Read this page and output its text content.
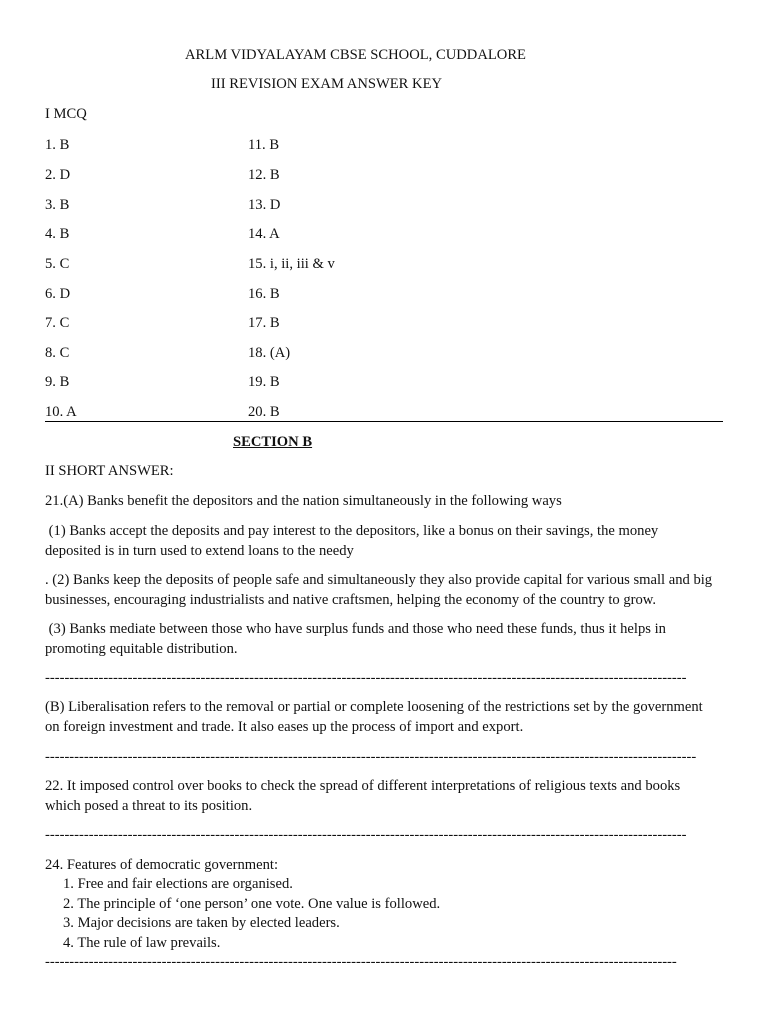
ARLM VIDYALAYAM CBSE SCHOOL, CUDDALORE
III REVISION EXAM ANSWER KEY
I MCQ
1. B
2. D
3. B
4. B
5. C
6. D
7. C
8. C
9. B
10. A
11. B
12. B
13. D
14. A
15. i, ii, iii & v
16. B
17. B
18. (A)
19. B
20. B
SECTION B
II SHORT ANSWER:
21.(A) Banks benefit the depositors and the nation simultaneously in the following ways
(1) Banks accept the deposits and pay interest to the depositors, like a bonus on their savings, the money deposited is in turn used to extend loans to the needy
. (2) Banks keep the deposits of people safe and simultaneously they also provide capital for various small and big businesses, encouraging industrialists and native craftsmen, helping the economy of the country to grow.
(3) Banks mediate between those who have surplus funds and those who need these funds, thus it helps in promoting equitable distribution.
------------------------------------------------------------------------------------------------------------------------------------
(B) Liberalisation refers to the removal or partial or complete loosening of the restrictions set by the government on foreign investment and trade. It also eases up the process of import and export.
--------------------------------------------------------------------------------------------------------------------------------------
22. It imposed control over books to check the spread of different interpretations of religious texts and books which posed a threat to its position.
------------------------------------------------------------------------------------------------------------------------------------
24. Features of democratic government:
1. Free and fair elections are organised.
2. The principle of ‘one person’ one vote. One value is followed.
3. Major decisions are taken by elected leaders.
4. The rule of law prevails.
----------------------------------------------------------------------------------------------------------------------------------
